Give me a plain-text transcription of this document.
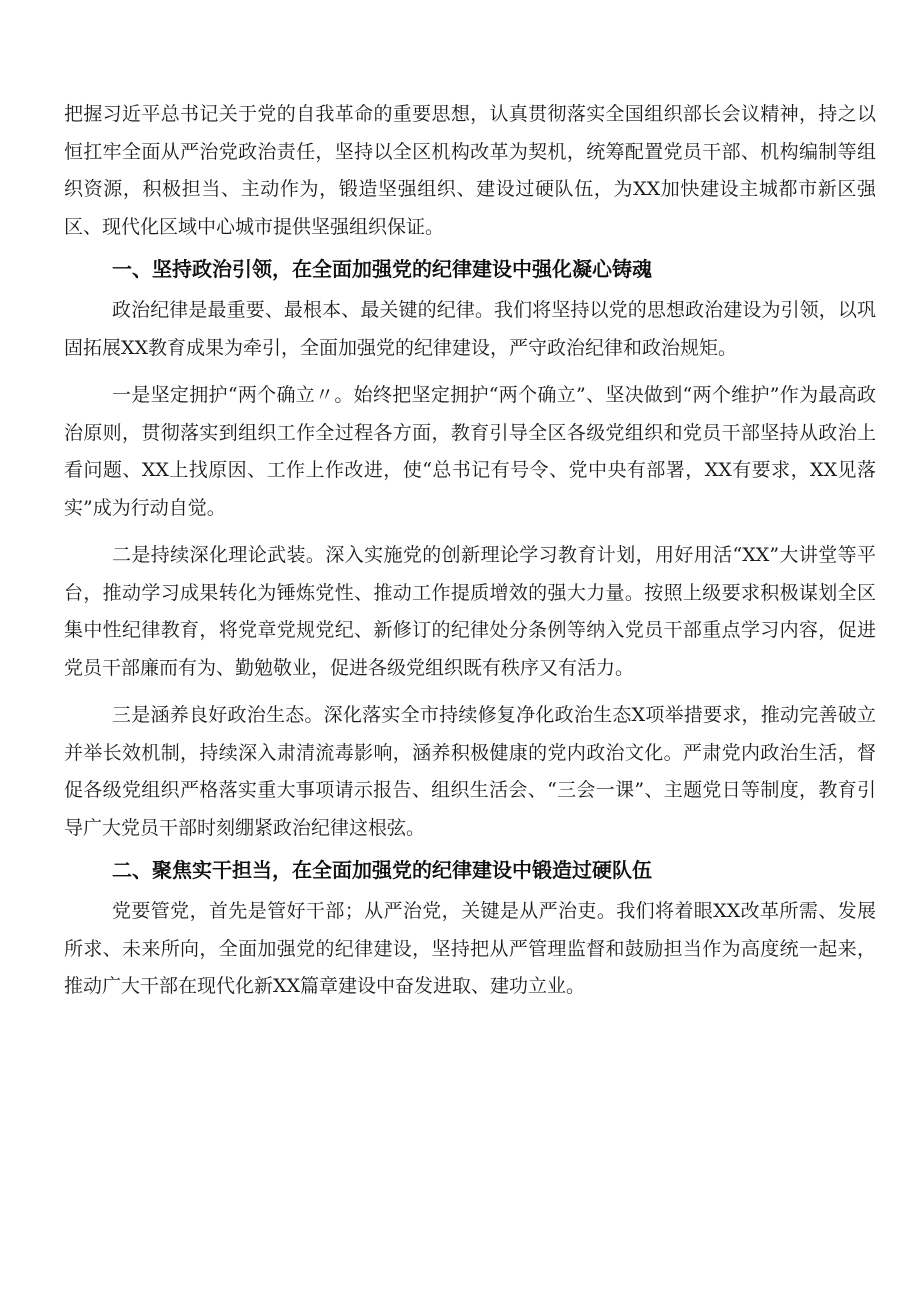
把握习近平总书记关于党的自我革命的重要思想，认真贯彻落实全国组织部长会议精神，持之以恒扛牢全面从严治党政治责任，坚持以全区机构改革为契机，统筹配置党员干部、机构编制等组织资源，积极担当、主动作为，锻造坚强组织、建设过硬队伍，为XX加快建设主城都市新区强区、现代化区域中心城市提供坚强组织保证。

一、坚持政治引领，在全面加强党的纪律建设中强化凝心铸魂

政治纪律是最重要、最根本、最关键的纪律。我们将坚持以党的思想政治建设为引领，以巩固拓展XX教育成果为牵引，全面加强党的纪律建设，严守政治纪律和政治规矩。

一是坚定拥护“两个确立〃。始终把坚定拥护“两个确立”、坚决做到“两个维护”作为最高政治原则，贯彻落实到组织工作全过程各方面，教育引导全区各级党组织和党员干部坚持从政治上看问题、XX上找原因、工作上作改进，使“总书记有号令、党中央有部署，XX有要求，XX见落实”成为行动自觉。

二是持续深化理论武装。深入实施党的创新理论学习教育计划，用好用活“XX”大讲堂等平台，推动学习成果转化为锤炼党性、推动工作提质增效的强大力量。按照上级要求积极谋划全区集中性纪律教育，将党章党规党纪、新修订的纪律处分条例等纳入党员干部重点学习内容，促进党员干部廉而有为、勤勉敬业，促进各级党组织既有秩序又有活力。

三是涵养良好政治生态。深化落实全市持续修复净化政治生态X项举措要求，推动完善破立并举长效机制，持续深入肃清流毒影响，涵养积极健康的党内政治文化。严肃党内政治生活，督促各级党组织严格落实重大事项请示报告、组织生活会、“三会一课”、主题党日等制度，教育引导广大党员干部时刻绷紧政治纪律这根弦。

二、聚焦实干担当，在全面加强党的纪律建设中锻造过硬队伍

党要管党，首先是管好干部；从严治党，关键是从严治吏。我们将着眼XX改革所需、发展所求、未来所向，全面加强党的纪律建设，坚持把从严管理监督和鼓励担当作为高度统一起来，推动广大干部在现代化新XX篇章建设中奋发进取、建功立业。
